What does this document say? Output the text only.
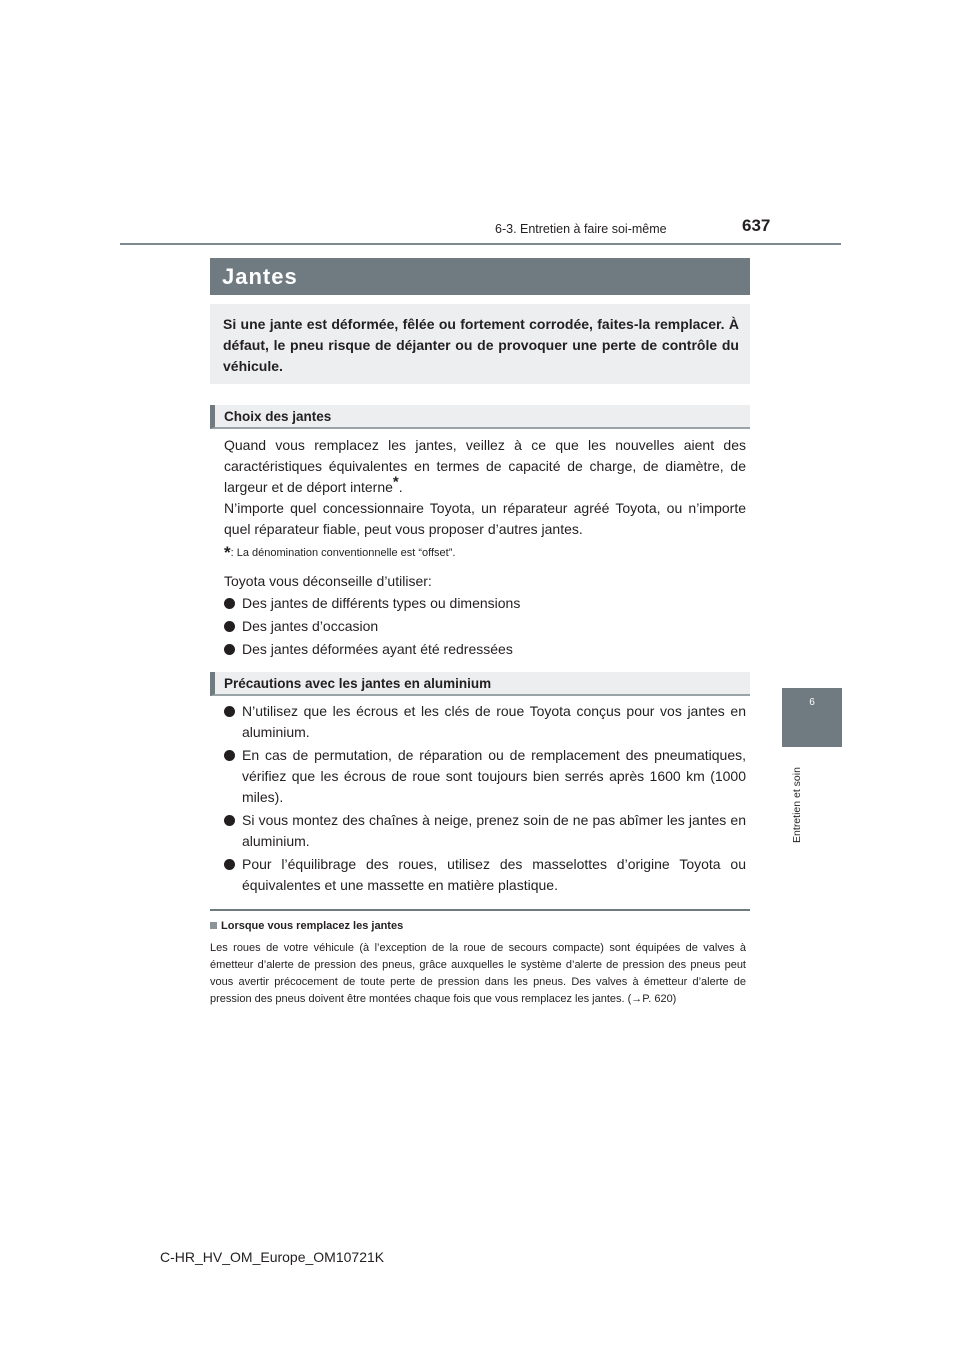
6-3. Entretien à faire soi-même	637
6
Entretien et soin
Jantes
Si une jante est déformée, fêlée ou fortement corrodée, faites-la remplacer. À défaut, le pneu risque de déjanter ou de provoquer une perte de contrôle du véhicule.
Choix des jantes
Quand vous remplacez les jantes, veillez à ce que les nouvelles aient des caractéristiques équivalentes en termes de capacité de charge, de diamètre, de largeur et de déport interne*.
N’importe quel concessionnaire Toyota, un réparateur agréé Toyota, ou n’importe quel réparateur fiable, peut vous proposer d’autres jantes.
*: La dénomination conventionnelle est “offset”.
Toyota vous déconseille d’utiliser:
Des jantes de différents types ou dimensions
Des jantes d’occasion
Des jantes déformées ayant été redressées
Précautions avec les jantes en aluminium
N’utilisez que les écrous et les clés de roue Toyota conçus pour vos jantes en aluminium.
En cas de permutation, de réparation ou de remplacement des pneumatiques, vérifiez que les écrous de roue sont toujours bien serrés après 1600 km (1000 miles).
Si vous montez des chaînes à neige, prenez soin de ne pas abîmer les jantes en aluminium.
Pour l’équilibrage des roues, utilisez des masselottes d’origine Toyota ou équivalentes et une massette en matière plastique.
Lorsque vous remplacez les jantes
Les roues de votre véhicule (à l’exception de la roue de secours compacte) sont équipées de valves à émetteur d’alerte de pression des pneus, grâce auxquelles le système d’alerte de pression des pneus peut vous avertir précocement de toute perte de pression dans les pneus. Des valves à émetteur d’alerte de pression des pneus doivent être montées chaque fois que vous remplacez les jantes. (→P. 620)
C-HR_HV_OM_Europe_OM10721K
